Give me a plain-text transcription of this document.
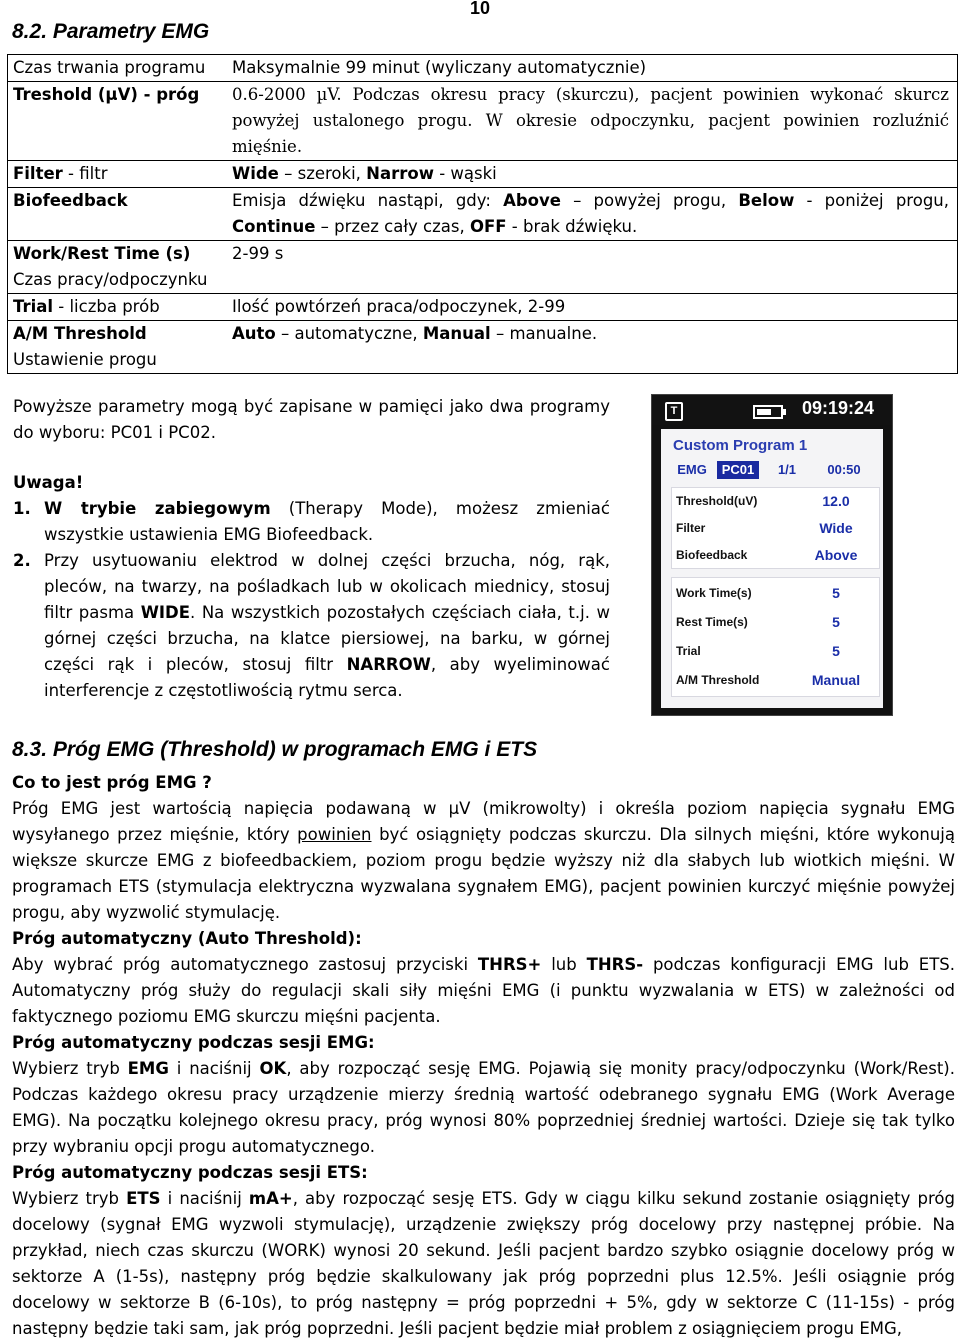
10
8.2. Parametry EMG
Czas trwania programu	Maksymalnie 99 minut (wyliczany automatycznie)
Treshold (µV) - próg	0.6-2000 µV. Podczas okresu pracy (skurczu), pacjent powinien wykonać skurcz powyżej ustalonego progu. W okresie odpoczynku, pacjent powinien rozluźnić mięśnie.
Filter - filtr	Wide – szeroki, Narrow - wąski
Biofeedback	Emisja dźwięku nastąpi, gdy: Above – powyżej progu, Below - poniżej progu, Continue – przez cały czas, OFF - brak dźwięku.

Work/Rest Time (s)
Czas pracy/odpoczynku	2-99 s
Trial - liczba prób	Ilość powtórzeń praca/odpoczynek, 2-99

A/M Threshold
Ustawienie progu	Auto – automatyczne, Manual – manualne.

Powyższe parametry mogą być zapisane w pamięci jako dwa programy do wyboru: PC01 i PC02.

Uwaga!

1. W trybie zabiegowym (Therapy Mode), możesz zmieniać wszystkie ustawienia EMG Biofeedback.
2. Przy usytuowaniu elektrod w dolnej części brzucha, nóg, rąk, pleców, na twarzy, na pośladkach lub w okolicach miednicy, stosuj filtr pasma WIDE. Na wszystkich pozostałych częściach ciała, t.j. w górnej części brzucha, na klatce piersiowej, na barku, w górnej części rąk i pleców, stosuj filtr NARROW, aby wyeliminować interferencje z częstotliwością rytmu serca.
T	09:19:24
Custom Program 1
EMG	PC01	1/1	00:50
Threshold(uV)	12.0
Filter	Wide
Biofeedback	Above
Work Time(s)	5
Rest Time(s)	5
Trial	5
A/M Threshold	Manual
8.3. Próg EMG (Threshold) w programach EMG i ETS

Co to jest próg EMG ?

Próg EMG jest wartością napięcia podawaną w µV (mikrowolty) i określa poziom napięcia sygnału EMG wysyłanego przez mięśnie, który powinien być osiągnięty podczas skurczu. Dla silnych mięśni, które wykonują większe skurcze EMG z biofeedbackiem, poziom progu będzie wyższy niż dla słabych lub wiotkich mięśni. W programach ETS (stymulacja elektryczna wyzwalana sygnałem EMG), pacjent powinien kurczyć mięśnie powyżej progu, aby wyzwolić stymulację.

Próg automatyczny (Auto Threshold):

Aby wybrać próg automatycznego zastosuj przyciski THRS+ lub THRS- podczas konfiguracji EMG lub ETS. Automatyczny próg służy do regulacji skali siły mięśni EMG (i punktu wyzwalania w ETS) w zależności od faktycznego poziomu EMG skurczu mięśni pacjenta.

Próg automatyczny podczas sesji EMG:

Wybierz tryb EMG i naciśnij OK, aby rozpocząć sesję EMG. Pojawią się monity pracy/odpoczynku (Work/Rest). Podczas każdego okresu pracy urządzenie mierzy średnią wartość odebranego sygnału EMG (Work Average EMG). Na początku kolejnego okresu pracy, próg wynosi 80% poprzedniej średniej wartości. Dzieje się tak tylko przy wybraniu opcji progu automatycznego.

Próg automatyczny podczas sesji ETS:

Wybierz tryb ETS i naciśnij mA+, aby rozpocząć sesję ETS. Gdy w ciągu kilku sekund zostanie osiągnięty próg docelowy (sygnał EMG wyzwoli stymulację), urządzenie zwiększy próg docelowy przy następnej próbie. Na przykład, niech czas skurczu (WORK) wynosi 20 sekund. Jeśli pacjent bardzo szybko osiągnie docelowy próg w sektorze A (1-5s), następny próg będzie skalkulowany jak próg poprzedni plus 12.5%. Jeśli osiągnie próg docelowy w sektorze B (6-10s), to próg następny = próg poprzedni + 5%, gdy w sektorze C (11-15s) - próg następny będzie taki sam, jak próg poprzedni. Jeśli pacjent będzie miał problem z osiągnięciem progu EMG,
